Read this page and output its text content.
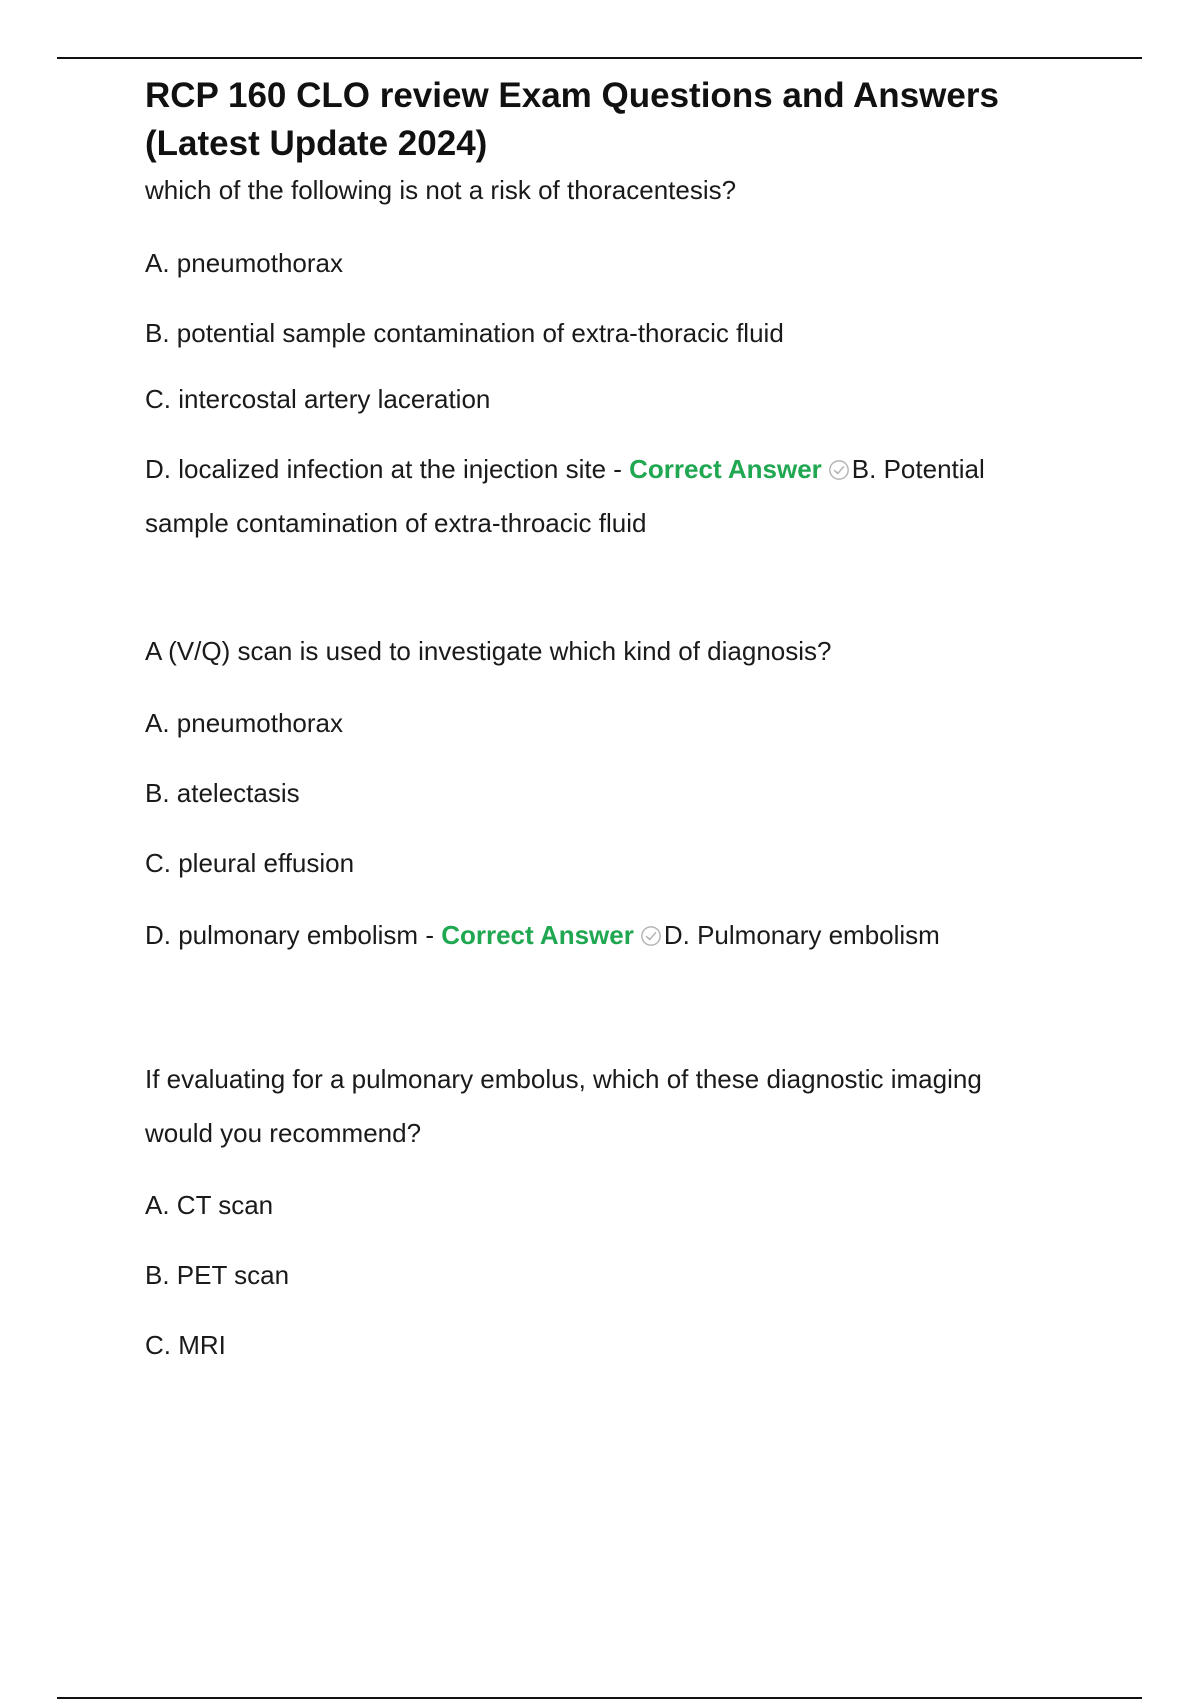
RCP 160 CLO review Exam Questions and Answers
(Latest Update 2024)

which of the following is not a risk of thoracentesis?

A. pneumothorax

B. potential sample contamination of extra-thoracic fluid

C. intercostal artery laceration

D. localized infection at the injection site - Correct Answer B. Potential

sample contamination of extra-throacic fluid

A (V/Q) scan is used to investigate which kind of diagnosis?

A. pneumothorax

B. atelectasis

C. pleural effusion

D. pulmonary embolism - Correct Answer D. Pulmonary embolism

If evaluating for a pulmonary embolus, which of these diagnostic imaging

would you recommend?

A. CT scan

B. PET scan

C. MRI
